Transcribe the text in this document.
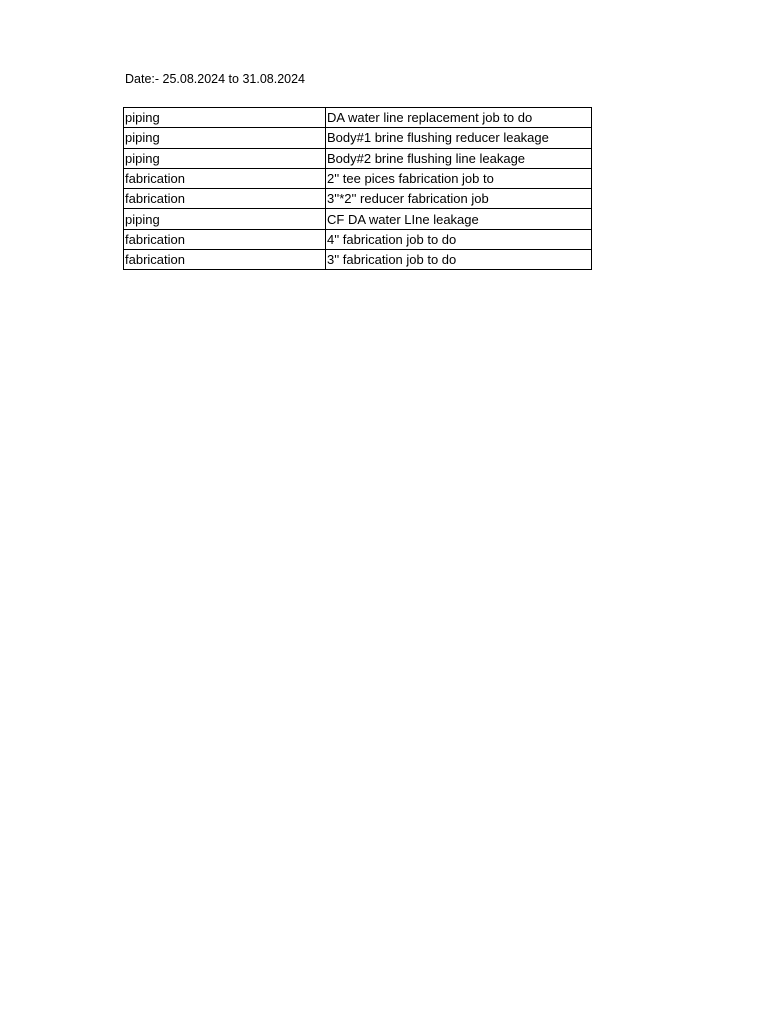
Date:- 25.08.2024 to 31.08.2024
piping	DA water line replacement job to do
piping	Body#1 brine flushing reducer leakage
piping	Body#2 brine flushing line leakage
fabrication	2'' tee pices fabrication job to
fabrication	3''*2'' reducer fabrication job
piping	CF DA water LIne leakage
fabrication	4'' fabrication job to do
fabrication	3'' fabrication job to do
